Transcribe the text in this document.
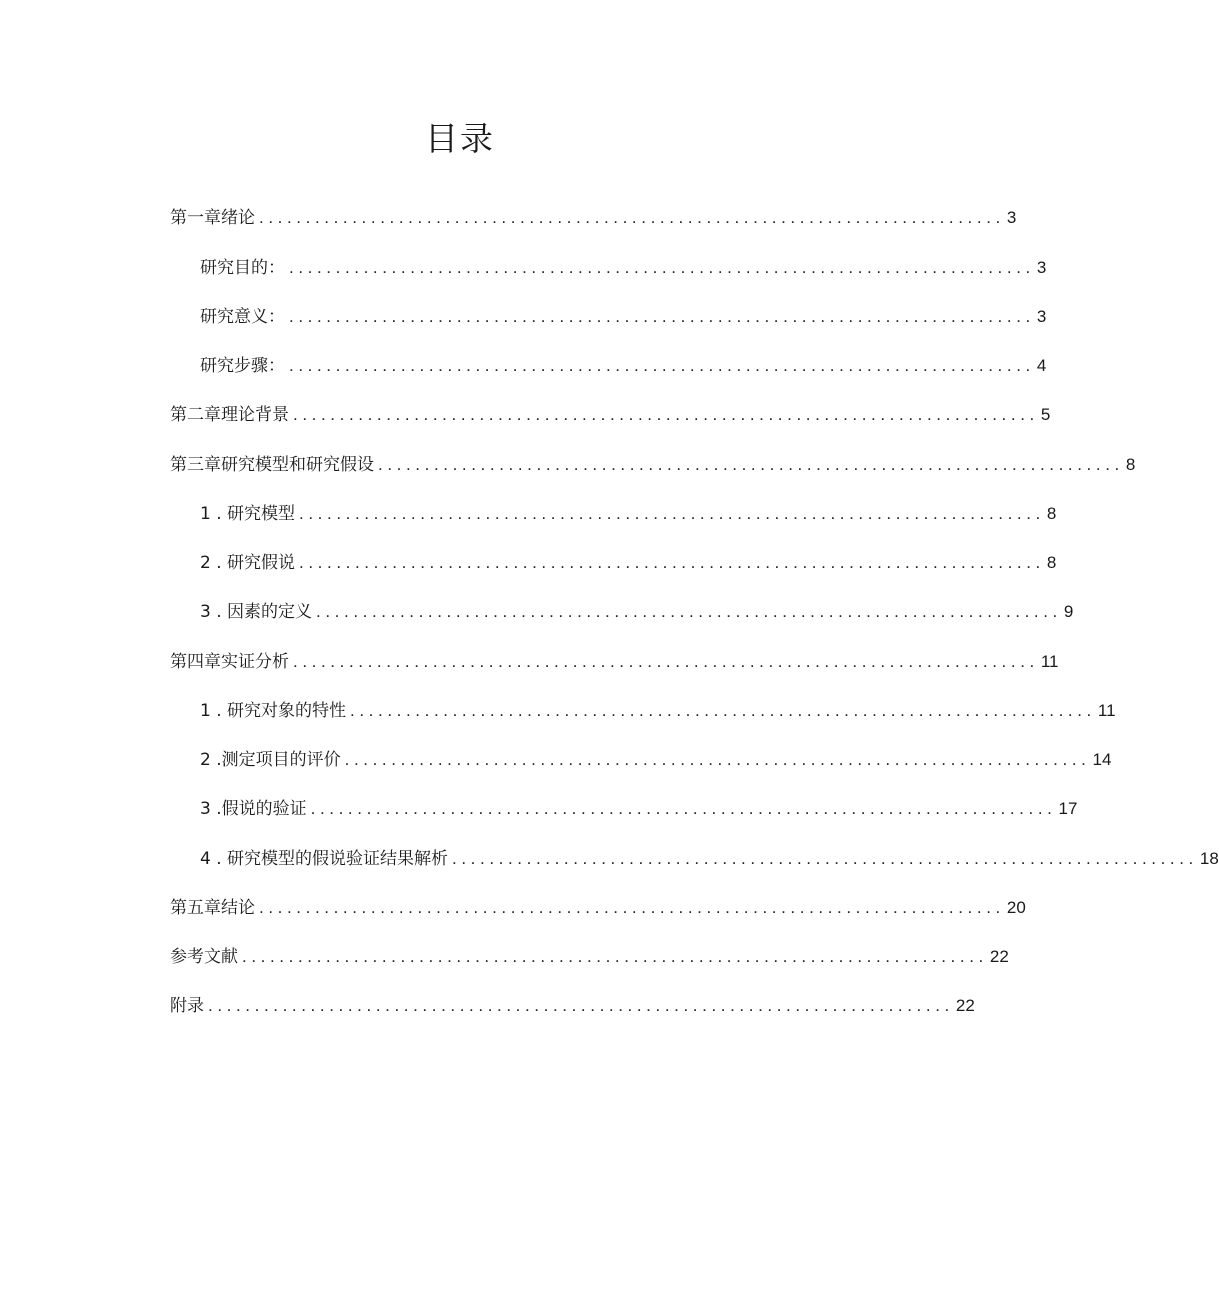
目录
第一章绪论 ................................................................................ 3
研究目的： ................................................................................ 3
研究意义： ................................................................................ 3
研究步骤： ................................................................................ 4
第二章理论背景 ................................................................................ 5
第三章研究模型和研究假设 ................................................................................ 8
1 . 研究模型 ................................................................................ 8
2 . 研究假说 ................................................................................ 8
3 . 因素的定义 ................................................................................ 9
第四章实证分析 ................................................................................ 11
1 . 研究对象的特性 ................................................................................ 11
2 .测定项目的评价 ................................................................................ 14
3 .假说的验证 ................................................................................ 17
4 . 研究模型的假说验证结果解析 ................................................................................ 18
第五章结论 ................................................................................ 20
参考文献 ................................................................................ 22
附录 ................................................................................ 22
